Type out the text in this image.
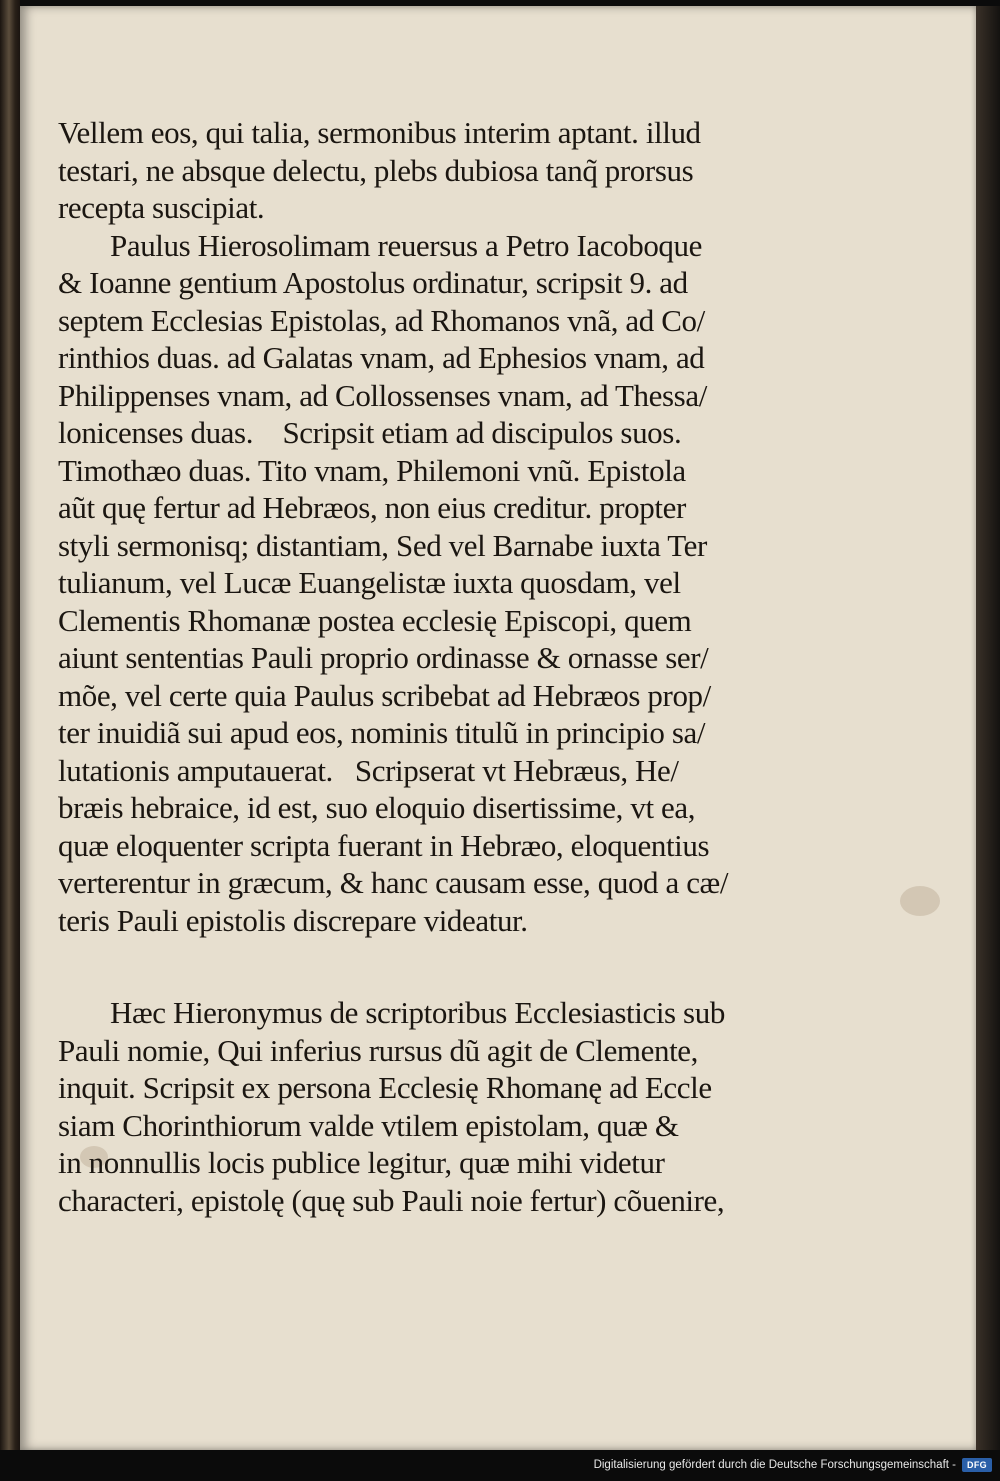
Vellem eos, qui talia, sermonibus interim aptant. illud
testari, ne absque delectu, plebs dubiosa tanq̃ prorsus
recepta suscipiat.
Paulus Hierosolimam reuersus a Petro Iacoboque
& Ioanne gentium Apostolus ordinatur, scripsit 9. ad
septem Ecclesias Epistolas, ad Rhomanos vnã, ad Co/
rinthios duas. ad Galatas vnam, ad Ephesios vnam, ad
Philippenses vnam, ad Collossenses vnam, ad Thessa/
lonicenses duas.    Scripsit etiam ad discipulos suos.
Timothæo duas. Tito vnam, Philemoni vnũ. Epistola
aũt quę fertur ad Hebræos, non eius creditur. propter
styli sermonisq; distantiam, Sed vel Barnabe iuxta Ter
tulianum, vel Lucæ Euangelistæ iuxta quosdam, vel
Clementis Rhomanæ postea ecclesię Episcopi, quem
aiunt sententias Pauli proprio ordinasse & ornasse ser/
mõe, vel certe quia Paulus scribebat ad Hebræos prop/
ter inuidiã sui apud eos, nominis titulũ in principio sa/
lutationis amputauerat.   Scripserat vt Hebræus, He/
bræis hebraice, id est, suo eloquio disertissime, vt ea,
quæ eloquenter scripta fuerant in Hebræo, eloquentius
verterentur in græcum, & hanc causam esse, quod a cæ/
teris Pauli epistolis discrepare videatur.
Hæc Hieronymus de scriptoribus Ecclesiasticis sub
Pauli nomie, Qui inferius rursus dũ agit de Clemente,
inquit. Scripsit ex persona Ecclesię Rhomanę ad Eccle
siam Chorinthiorum valde vtilem epistolam, quæ &
in nonnullis locis publice legitur, quæ mihi videtur
characteri, epistolę (quę sub Pauli noie fertur) cõuenire,
Digitalisierung gefördert durch die Deutsche Forschungsgemeinschaft -	DFG
